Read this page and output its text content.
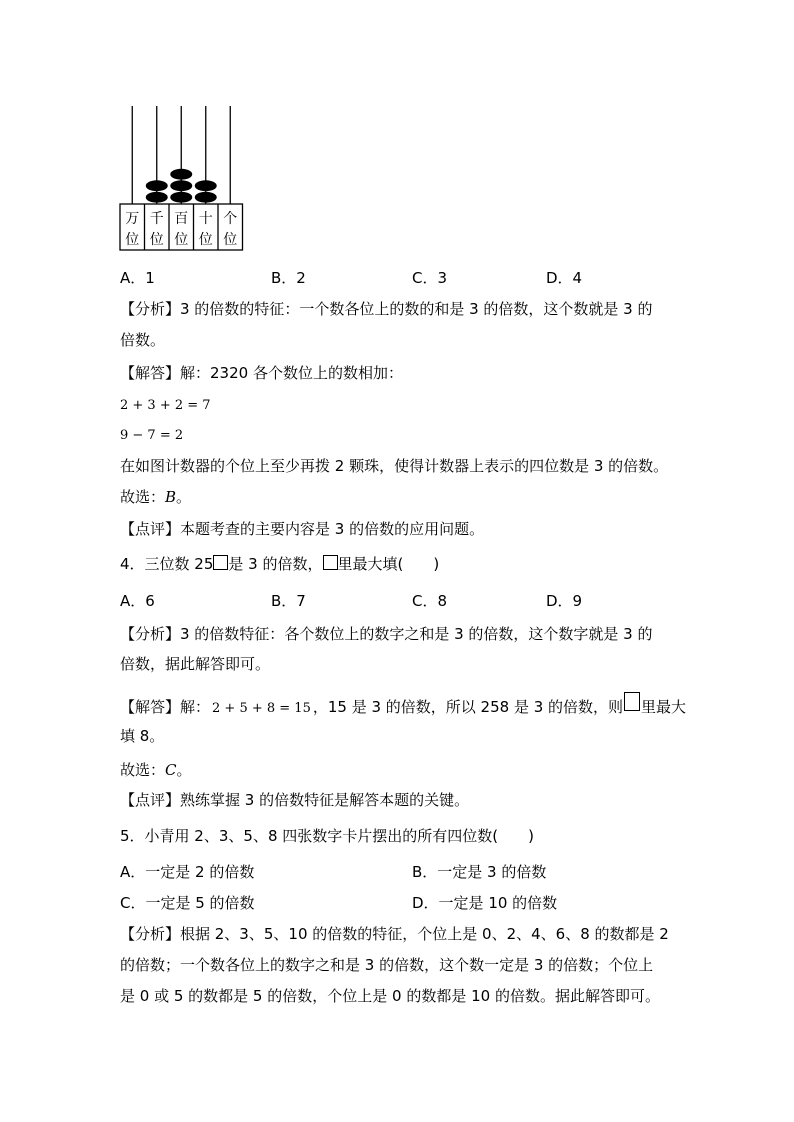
万
位
千
位
百
位
十
位
个
位
A．1	B．2	C．3	D．4
【分析】3 的倍数的特征：一个数各位上的数的和是 3 的倍数，这个数就是 3 的
倍数。
【解答】解：2320 各个数位上的数相加：
2 + 3 + 2 = 7
9 − 7 = 2
在如图计数器的个位上至少再拨 2 颗珠，使得计数器上表示的四位数是 3 的倍数。
故选：B。
【点评】本题考查的主要内容是 3 的倍数的应用问题。
4．三位数 25 是 3 的倍数， 里最大填(　　)
A．6	B．7	C．8	D．9
【分析】3 的倍数特征：各个数位上的数字之和是 3 的倍数，这个数字就是 3 的
倍数，据此解答即可。
【解答】解： 2 + 5 + 8 = 15 ，15 是 3 的倍数，所以 258 是 3 的倍数，则 里最大
填 8。
故选：C。
【点评】熟练掌握 3 的倍数特征是解答本题的关键。
5．小青用 2、3、5、8 四张数字卡片摆出的所有四位数(　　)
A．一定是 2 的倍数	B．一定是 3 的倍数
C．一定是 5 的倍数	D．一定是 10 的倍数
【分析】根据 2、3、5、10 的倍数的特征，个位上是 0、2、4、6、8 的数都是 2
的倍数；一个数各位上的数字之和是 3 的倍数，这个数一定是 3 的倍数；个位上
是 0 或 5 的数都是 5 的倍数，个位上是 0 的数都是 10 的倍数。据此解答即可。
